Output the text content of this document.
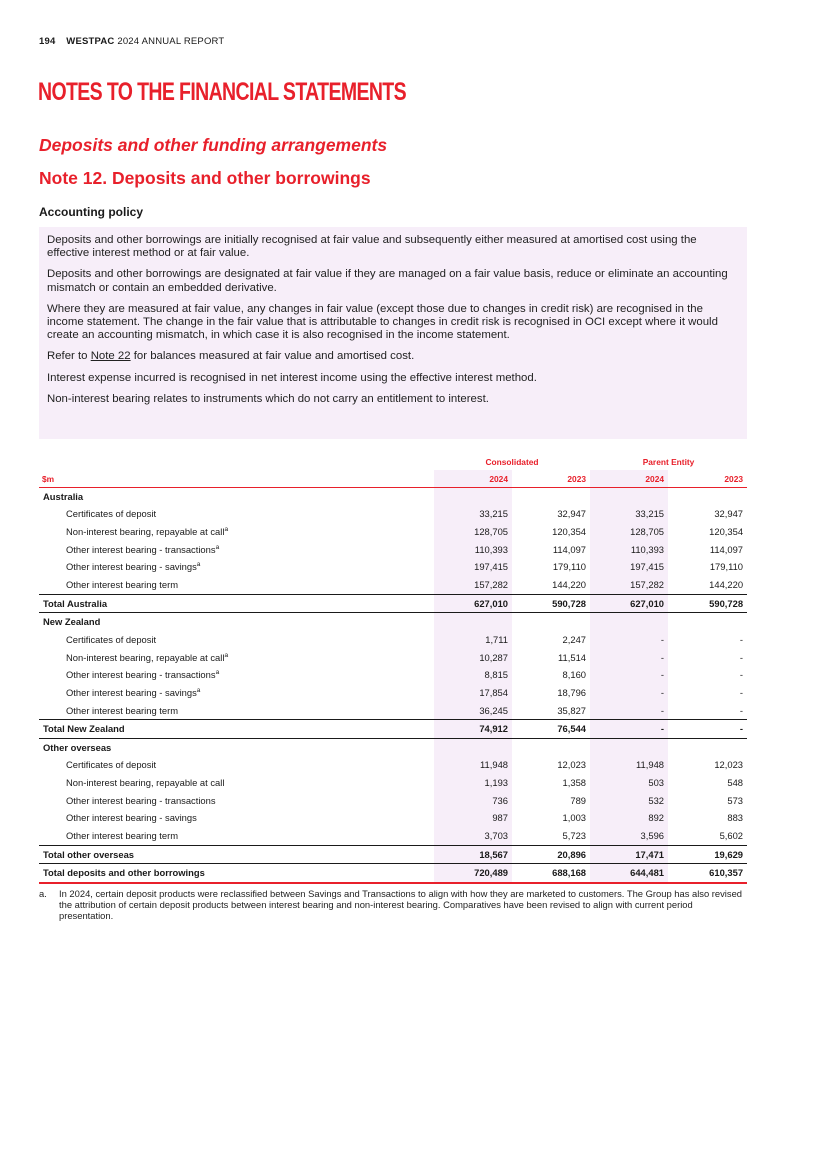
194 WESTPAC 2024 ANNUAL REPORT
NOTES TO THE FINANCIAL STATEMENTS
Deposits and other funding arrangements
Note 12. Deposits and other borrowings
Accounting policy

Deposits and other borrowings are initially recognised at fair value and subsequently either measured at amortised cost using the effective interest method or at fair value.

Deposits and other borrowings are designated at fair value if they are managed on a fair value basis, reduce or eliminate an accounting mismatch or contain an embedded derivative.

Where they are measured at fair value, any changes in fair value (except those due to changes in credit risk) are recognised in the income statement. The change in the fair value that is attributable to changes in credit risk is recognised in OCI except where it would create an accounting mismatch, in which case it is also recognised in the income statement.

Refer to Note 22 for balances measured at fair value and amortised cost.

Interest expense incurred is recognised in net interest income using the effective interest method.

Non-interest bearing relates to instruments which do not carry an entitlement to interest.

	Consolidated		Parent Entity	
$m	2024	2023	2024	2023
Australia				
Certificates of deposit	33,215	32,947	33,215	32,947
Non-interest bearing, repayable at call$^a$	128,705	120,354	128,705	120,354
Other interest bearing - transactions$^a$	110,393	114,097	110,393	114,097
Other interest bearing - savings$^a$	197,415	179,110	197,415	179,110
Other interest bearing term	157,282	144,220	157,282	144,220
Total Australia	627,010	590,728	627,010	590,728
New Zealand				
Certificates of deposit	1,711	2,247	-	-
Non-interest bearing, repayable at call$^a$	10,287	11,514	-	-
Other interest bearing - transactions$^a$	8,815	8,160	-	-
Other interest bearing - savings$^a$	17,854	18,796	-	-
Other interest bearing term	36,245	35,827	-	-
Total New Zealand	74,912	76,544	-	-
Other overseas				
Certificates of deposit	11,948	12,023	11,948	12,023
Non-interest bearing, repayable at call	1,193	1,358	503	548
Other interest bearing - transactions	736	789	532	573
Other interest bearing - savings	987	1,003	892	883
Other interest bearing term	3,703	5,723	3,596	5,602
Total other overseas	18,567	20,896	17,471	19,629
Total deposits and other borrowings	720,489	688,168	644,481	610,357
a. In 2024, certain deposit products were reclassified between Savings and Transactions to align with how they are marketed to customers. The Group has also revised the attribution of certain deposit products between interest bearing and non-interest bearing. Comparatives have been revised to align with current period presentation.
